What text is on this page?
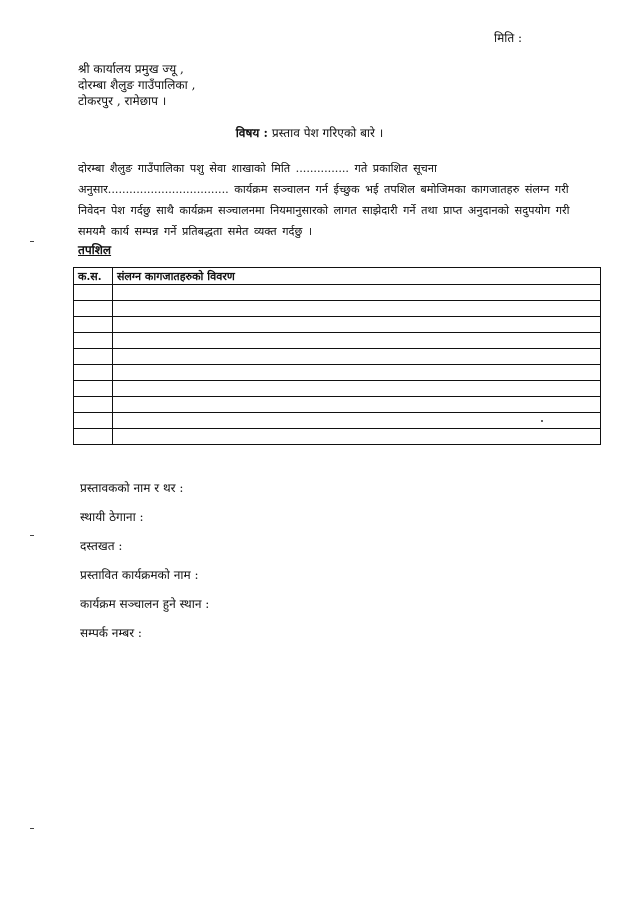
मिति :
श्री कार्यालय प्रमुख ज्यू ,
दोरम्बा शैलुङ गाउँपालिका ,
टोकरपुर , रामेछाप ।
विषय : प्रस्ताव पेश गरिएको बारे ।
दोरम्बा शैलुङ गाउँपालिका पशु सेवा शाखाको मिति ............... गते प्रकाशित सूचना
अनुसार.................................. कार्यक्रम सञ्चालन गर्न ईच्छुक भई तपशिल बमोजिमका कागजातहरु संलग्न गरी
निवेदन पेश गर्दछु साथै कार्यक्रम सञ्चालनमा नियमानुसारको लागत साझेदारी गर्ने तथा प्राप्त अनुदानको सदुपयोग गरी
समयमै कार्य सम्पन्न गर्ने प्रतिबद्धता समेत व्यक्त गर्दछु ।
तपशिल
क.स.	संलग्न कागजातहरुको विवरण

प्रस्तावकको नाम र थर :
स्थायी ठेगाना :
दस्तखत :
प्रस्तावित कार्यक्रमको नाम :
कार्यक्रम सञ्चालन हुने स्थान :
सम्पर्क नम्बर :
